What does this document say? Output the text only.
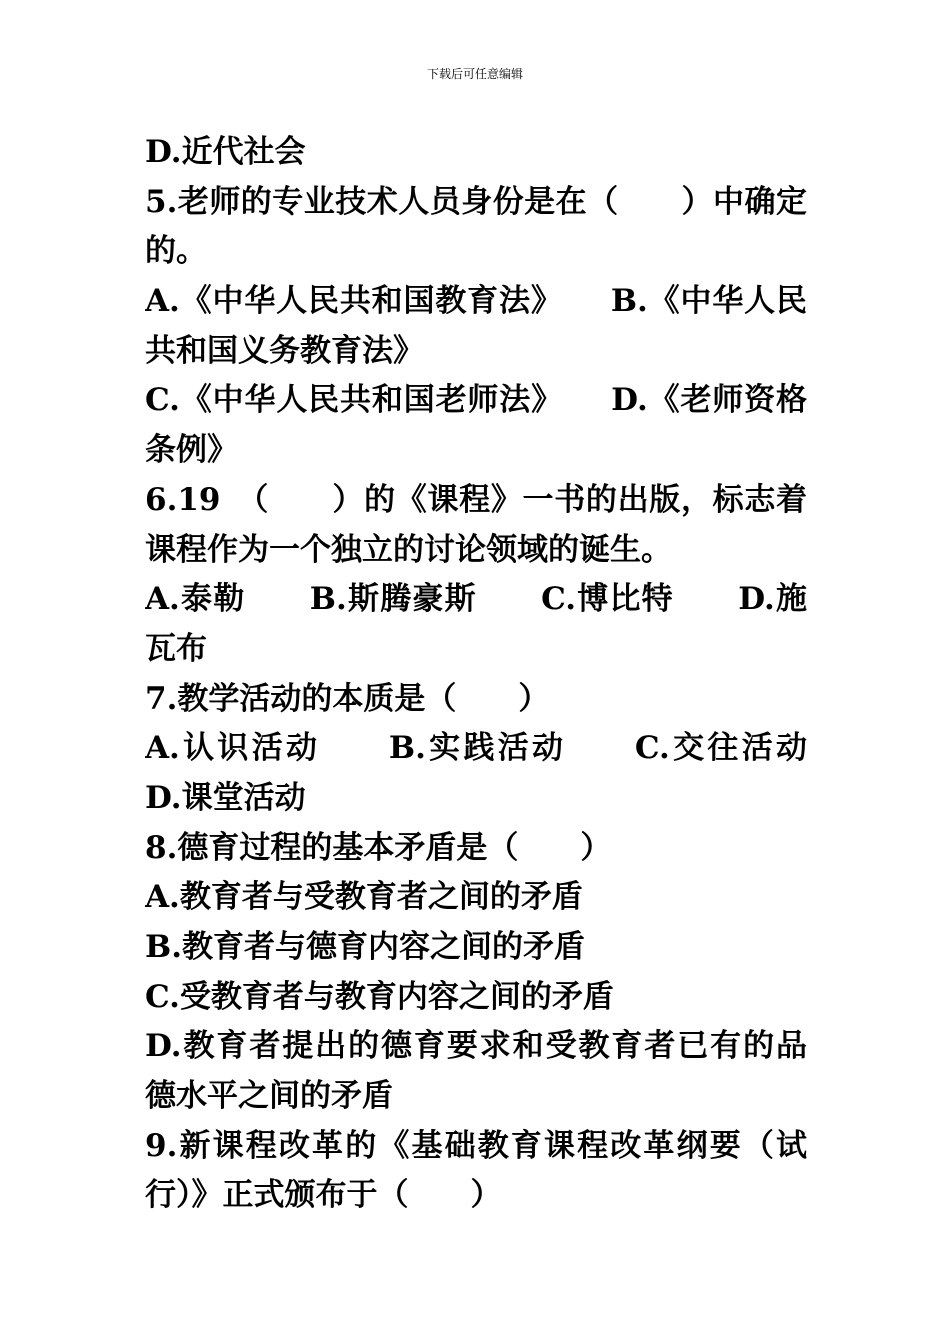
下载后可任意编辑
D.近代社会
5.老师的专业技术人员身份是在（　　）中确定
的。
A.《中华人民共和国教育法》　　B.《中华人民
共和国义务教育法》
C.《中华人民共和国老师法》　　D.《老师资格
条例》
6.19　（　　）的《课程》一书的出版，标志着
课程作为一个独立的讨论领域的诞生。
A.泰勒　　B.斯腾豪斯　　C.博比特　　D.施
瓦布
7.教学活动的本质是（　　）
A.认识活动　　B.实践活动　　C.交往活动
D.课堂活动
8.德育过程的基本矛盾是（　　）
A.教育者与受教育者之间的矛盾
B.教育者与德育内容之间的矛盾
C.受教育者与教育内容之间的矛盾
D.教育者提出的德育要求和受教育者已有的品
德水平之间的矛盾
9.新课程改革的《基础教育课程改革纲要（试
行）》正式颁布于（　　）
